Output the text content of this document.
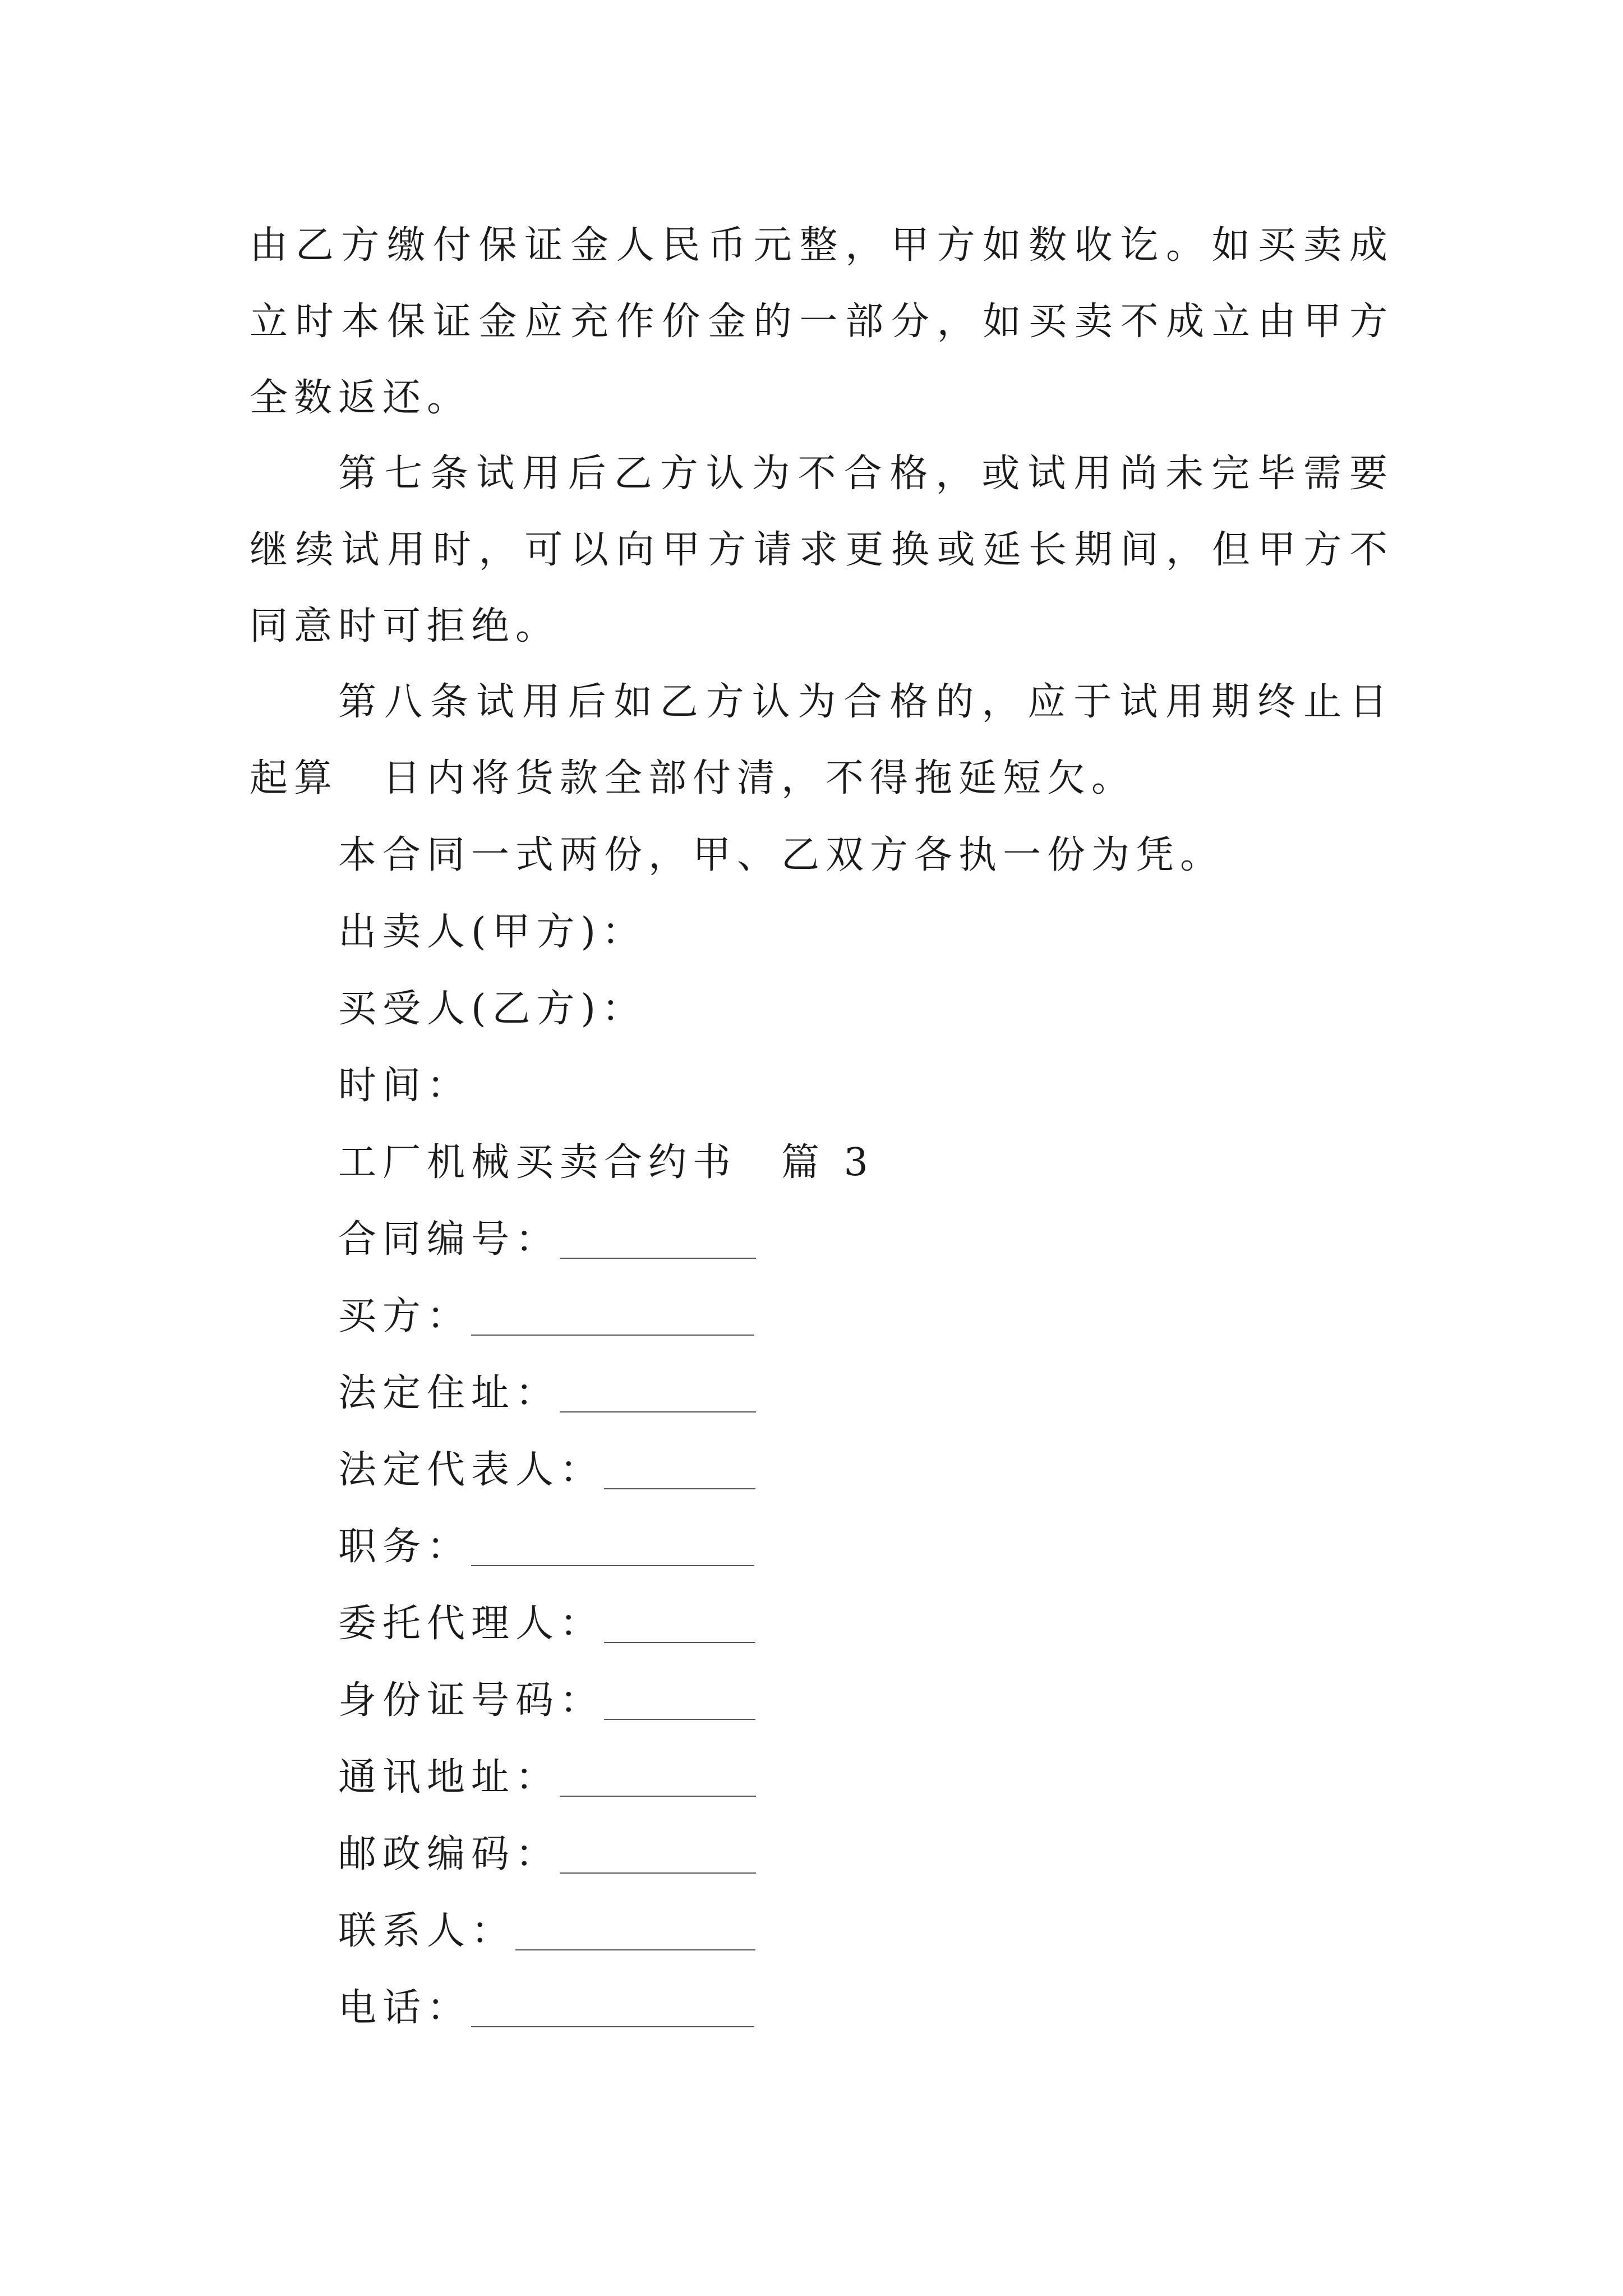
由乙方缴付保证金人民币元整，甲方如数收讫。如买卖成立时本保证金应充作价金的一部分，如买卖不成立由甲方全数返还。

第七条试用后乙方认为不合格，或试用尚未完毕需要继续试用时，可以向甲方请求更换或延长期间，但甲方不同意时可拒绝。

第八条试用后如乙方认为合格的，应于试用期终止日起算　日内将货款全部付清，不得拖延短欠。

本合同一式两份，甲、乙双方各执一份为凭。
出卖人(甲方)：
买受人(乙方)：
时间：
工厂机械买卖合约书　篇 3
合同编号：
买方：
法定住址：
法定代表人：
职务：
委托代理人：
身份证号码：
通讯地址：
邮政编码：
联系人：
电话：
